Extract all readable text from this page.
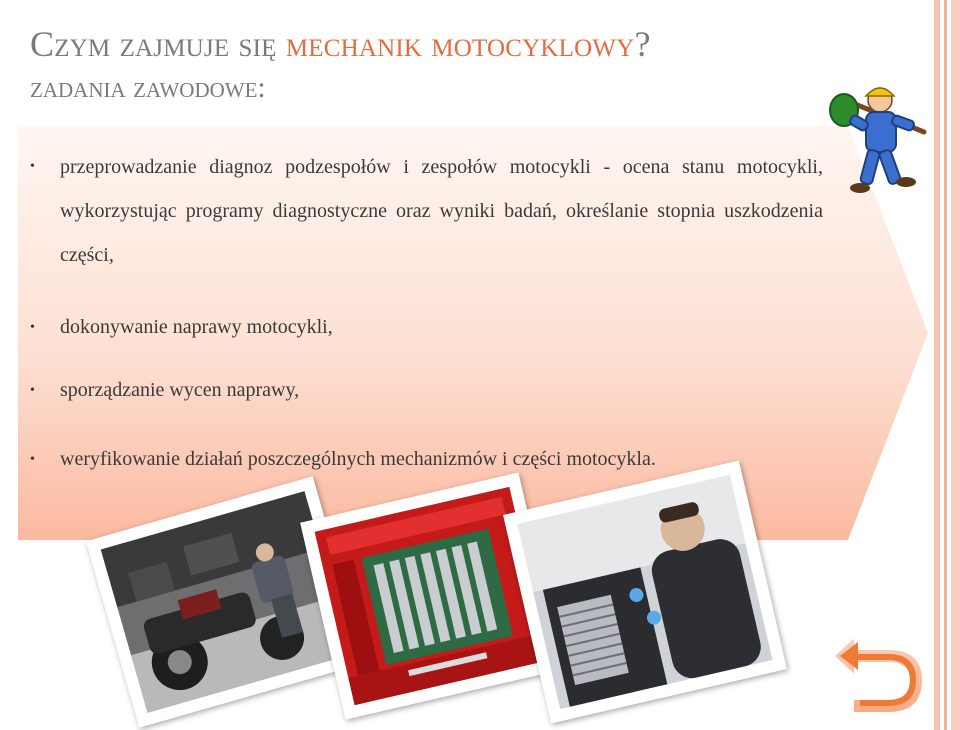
Czym zajmuje się mechanik motocyklowy?
zadania zawodowe:
• przeprowadzanie diagnoz podzespołów i zespołów motocykli - ocena stanu motocykli, wykorzystując programy diagnostyczne oraz wyniki badań, określanie stopnia uszkodzenia części,
• dokonywanie naprawy motocykli,
• sporządzanie wycen naprawy,
• weryfikowanie działań poszczególnych mechanizmów i części motocykla.
